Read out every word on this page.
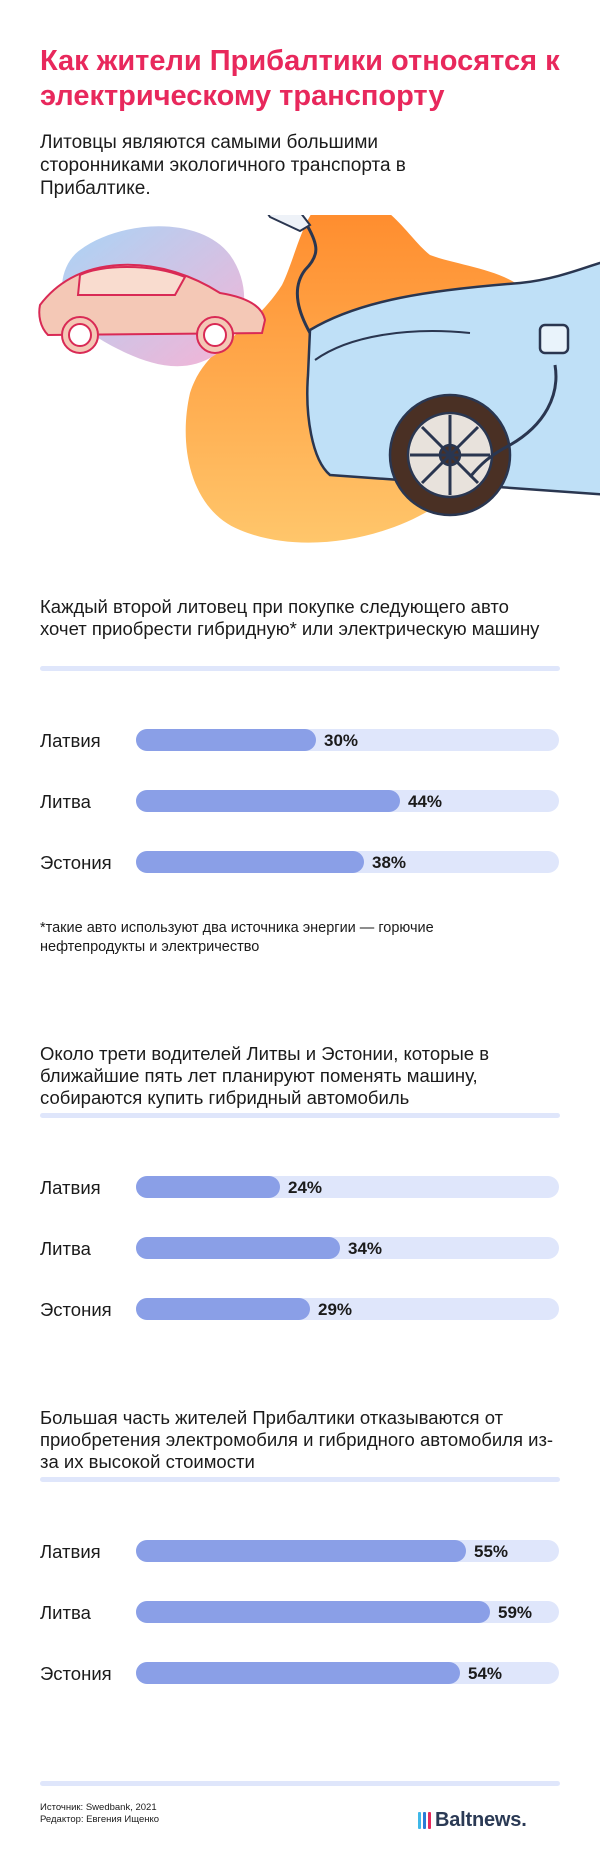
Как жители Прибалтики относятся к электрическому транспорту

Литовцы являются самыми большими сторонниками экологичного транспорта в Прибалтике.

Каждый второй литовец при покупке следующего авто хочет приобрести гибридную* или электрическую машину

Латвия	30%
Литва	44%
Эстония	38%

*такие авто используют два источника энергии — горючие нефтепродукты и электричество

Около трети водителей Литвы и Эстонии, которые в ближайшие пять лет планируют поменять машину, собираются купить гибридный автомобиль

Латвия	24%
Литва	34%
Эстония	29%

Большая часть жителей Прибалтики отказываются от приобретения электромобиля и гибридного автомобиля из-за их высокой стоимости

Латвия	55%
Литва	59%
Эстония	54%
Источник: Swedbank, 2021
Редактор: Евгения Ищенко	Baltnews.
